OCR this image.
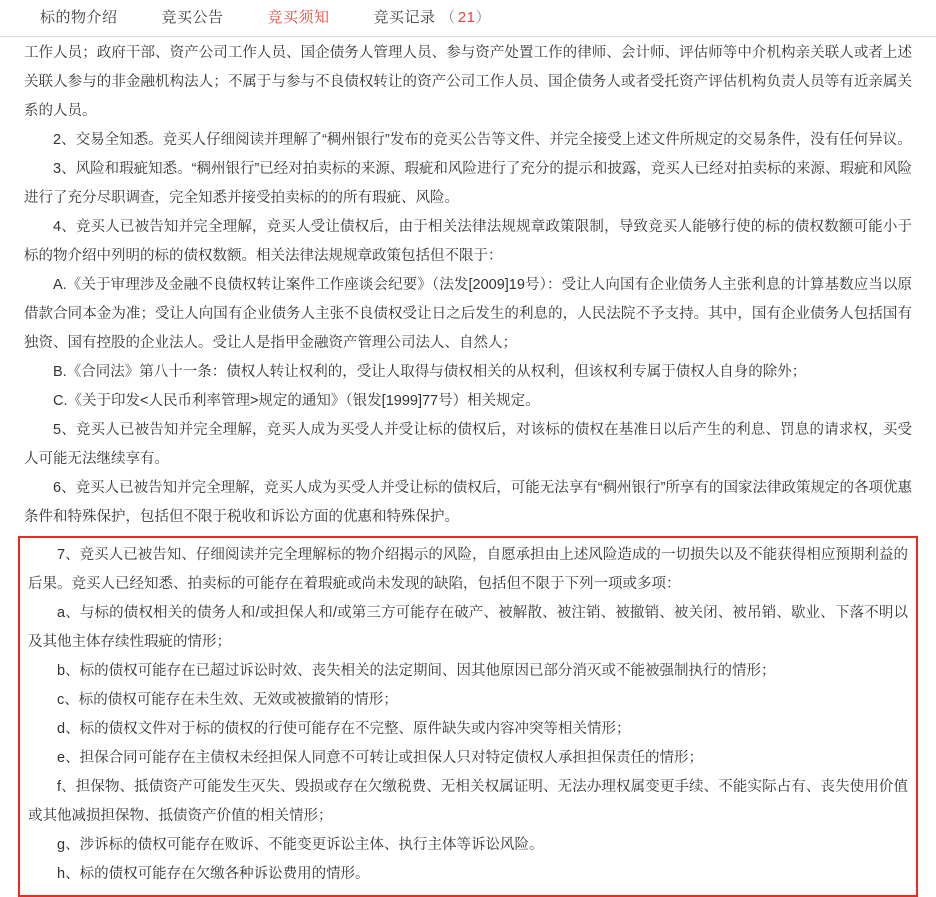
标的物介绍	竞买公告	竞买须知	竞买记录 （ 21）

工作人员；政府干部、资产公司工作人员、国企债务人管理人员、参与资产处置工作的律师、会计师、评估师等中介机构亲关联人或者上述关联人参与的非金融机构法人；不属于与参与不良债权转让的资产公司工作人员、国企债务人或者受托资产评估机构负责人员等有近亲属关系的人员。

2、交易全知悉。竞买人仔细阅读并理解了“稠州银行”发布的竞买公告等文件、并完全接受上述文件所规定的交易条件，没有任何异议。

3、风险和瑕疵知悉。“稠州银行”已经对拍卖标的来源、瑕疵和风险进行了充分的提示和披露，竞买人已经对拍卖标的来源、瑕疵和风险进行了充分尽职调查，完全知悉并接受拍卖标的的所有瑕疵、风险。

4、竞买人已被告知并完全理解，竞买人受让债权后，由于相关法律法规规章政策限制，导致竞买人能够行使的标的债权数额可能小于标的物介绍中列明的标的债权数额。相关法律法规规章政策包括但不限于：

A.《关于审理涉及金融不良债权转让案件工作座谈会纪要》（法发[2009]19号）：受让人向国有企业债务人主张利息的计算基数应当以原借款合同本金为准；受让人向国有企业债务人主张不良债权受让日之后发生的利息的，人民法院不予支持。其中，国有企业债务人包括国有独资、国有控股的企业法人。受让人是指甲金融资产管理公司法人、自然人；

B.《合同法》第八十一条：债权人转让权利的，受让人取得与债权相关的从权利，但该权利专属于债权人自身的除外；

C.《关于印发<人民币利率管理>规定的通知》（银发[1999]77号）相关规定。

5、竞买人已被告知并完全理解，竞买人成为买受人并受让标的债权后，对该标的债权在基准日以后产生的利息、罚息的请求权，买受人可能无法继续享有。

6、竞买人已被告知并完全理解，竞买人成为买受人并受让标的债权后，可能无法享有“稠州银行”所享有的国家法律政策规定的各项优惠条件和特殊保护，包括但不限于税收和诉讼方面的优惠和特殊保护。

7、竞买人已被告知、仔细阅读并完全理解标的物介绍揭示的风险，自愿承担由上述风险造成的一切损失以及不能获得相应预期利益的后果。竞买人已经知悉、拍卖标的可能存在着瑕疵或尚未发现的缺陷，包括但不限于下列一项或多项：

a、与标的债权相关的债务人和/或担保人和/或第三方可能存在破产、被解散、被注销、被撤销、被关闭、被吊销、歇业、下落不明以及其他主体存续性瑕疵的情形；

b、标的债权可能存在已超过诉讼时效、丧失相关的法定期间、因其他原因已部分消灭或不能被强制执行的情形；

c、标的债权可能存在未生效、无效或被撤销的情形；

d、标的债权文件对于标的债权的行使可能存在不完整、原件缺失或内容冲突等相关情形；

e、担保合同可能存在主债权未经担保人同意不可转让或担保人只对特定债权人承担担保责任的情形；

f、担保物、抵债资产可能发生灭失、毁损或存在欠缴税费、无相关权属证明、无法办理权属变更手续、不能实际占有、丧失使用价值或其他减损担保物、抵债资产价值的相关情形；

g、涉诉标的债权可能存在败诉、不能变更诉讼主体、执行主体等诉讼风险。

h、标的债权可能存在欠缴各种诉讼费用的情形。
